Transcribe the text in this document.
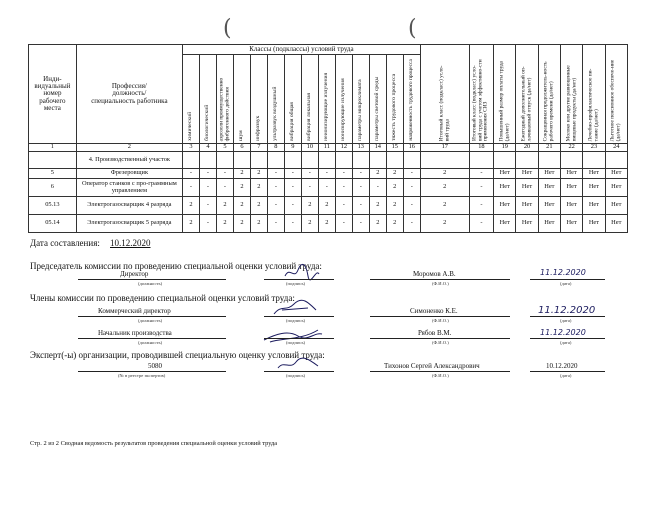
(	(
Инди-
видуальный
номер
рабочего
места	Профессия/
должность/
специальность работника	Классы (подклассы) условий труда														Итоговый класс (подкласс) усло-вий труда	Итоговый класс (подкласс) усло-вий труда с учетом эффективно-сти применения СИЗ	Повышенный размер оплаты труда (да/нет)	Ежегодный дополнительный оп-лачиваемый отпуск (да/нет)	Сокращенная продолжитель-ность рабочего времени (да/нет)	Молоко или другие равноценные пищевые продукты (да/нет)	Лечебно-профилактическое пи-тание (да/нет)	Льготное пенсионное обеспече-ние (да/нет)

		химический	биологический	аэрозоли преимущественно фиброгенного действия	шум	инфразвук	ультразвук воздушный	вибрация общая	вибрация локальная	неионизирующие излучения	ионизирующие излучения	параметры микроклимата	параметры световой среды	тяжесть трудового процесса	напряженность трудового процесса								

1	2	3	4	5	6	7	8	9	10	11	12	13	14	15	16	17	18	19	20	21	22	23	24
	4. Производственный участок																						
5	Фрезеровщик	-	-	-	2	2	-	-	-	-	-	-	2	2	-	2	-	Нет	Нет	Нет	Нет	Нет	Нет
6	Оператор станков с про-граммным управлением	-	-	-	2	2	-	-	-	-	-	-	-	2	-	2	-	Нет	Нет	Нет	Нет	Нет	Нет
05.13	Электрогазосварщик 4 разряда	2	-	2	2	2	-	-	2	2	-	-	2	2	-	2	-	Нет	Нет	Нет	Нет	Нет	Нет
05.14	Электрогазосварщик 5 разряда	2	-	2	2	2	-	-	2	2	-	-	2	2	-	2	-	Нет	Нет	Нет	Нет	Нет	Нет
Дата составления: 10.12.2020
Председатель комиссии по проведению специальной оценки условий труда:
Директор
(должность)	(подпись)
Моромов А.В.
(Ф.И.О.)
11.12.2020
(дата)
Члены комиссии по проведению специальной оценки условий труда:
Коммерческий директор
(должность)	(подпись)
Симоненко К.Е.
(Ф.И.О.)
11.12.2020
(дата)
Начальник производства
(должность)	(подпись)
Рябов В.М.
(Ф.И.О.)
11.12.2020
(дата)
Эксперт(-ы) организации, проводившей специальную оценку условий труда:
5080
(№ в реестре экспертов)	(подпись)
Тихонов Сергей Александрович
(Ф.И.О.)
10.12.2020
(дата)
Стр. 2 из 2 Сводная ведомость результатов проведения специальной оценки условий труда
